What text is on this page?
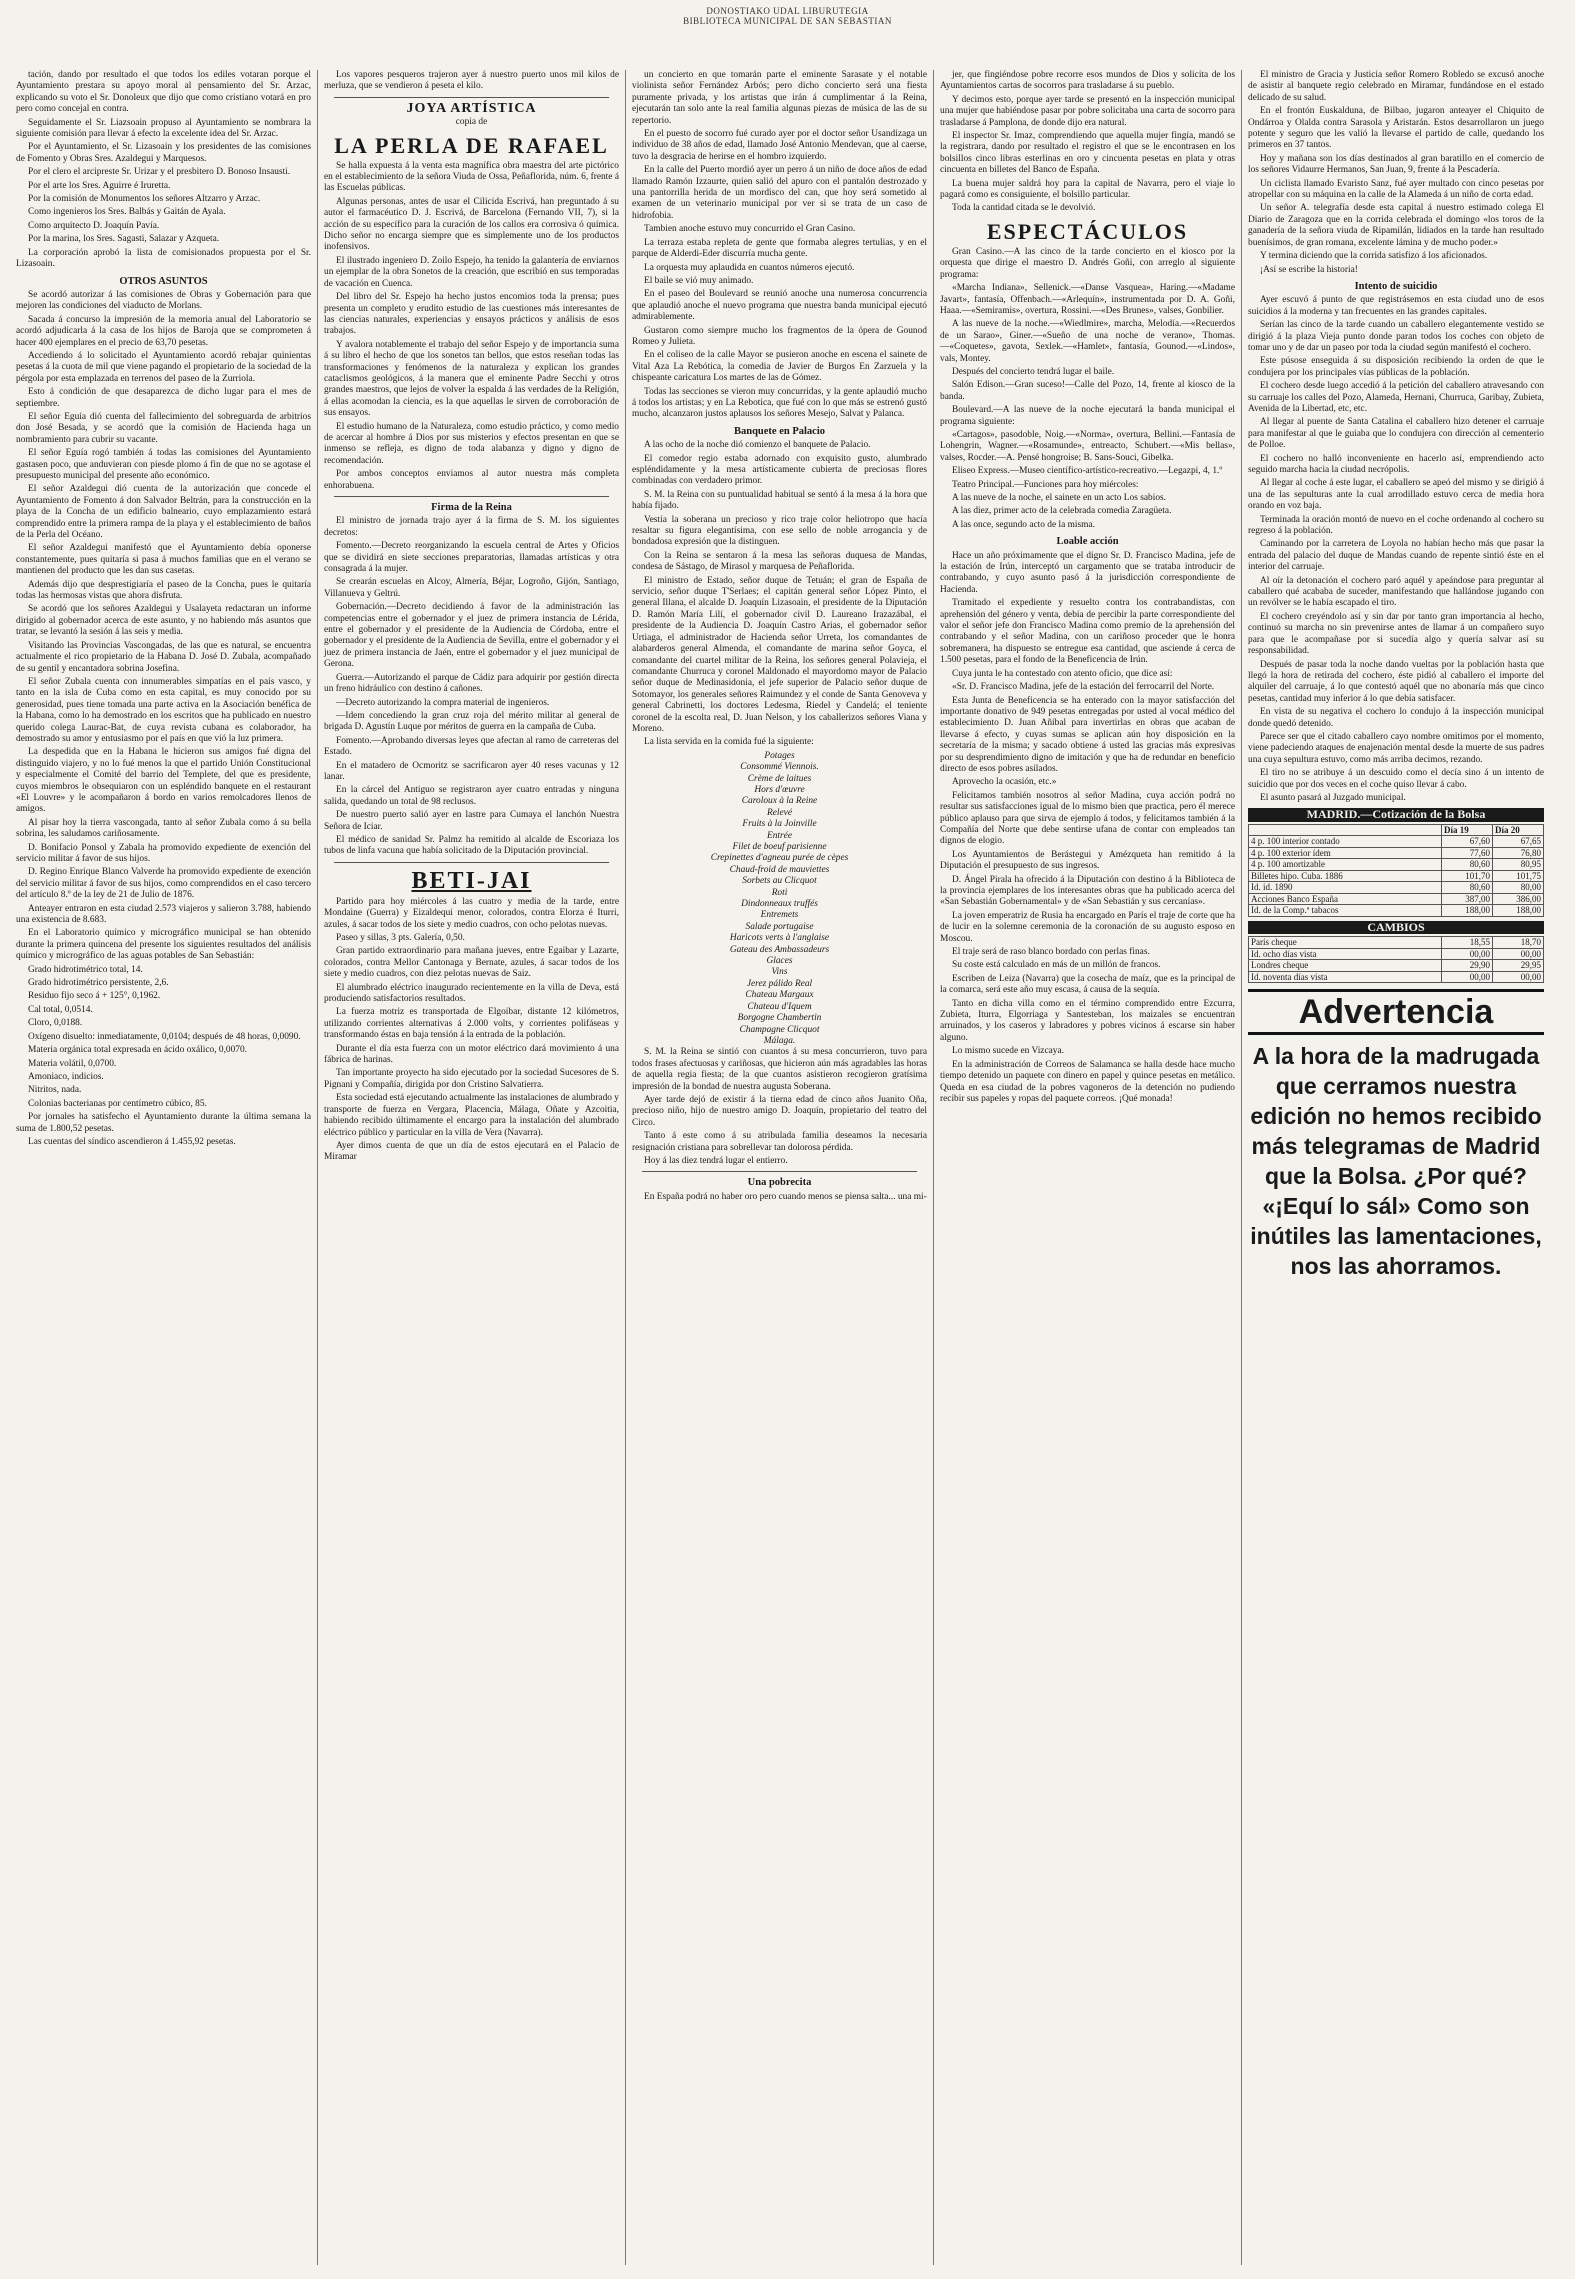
DONOSTIAKO UDAL LIBURUTEGIA
BIBLIOTECA MUNICIPAL DE SAN SEBASTIAN

tación, dando por resultado el que todos los ediles votaran porque el Ayuntamiento prestara su apoyo moral al pensamiento del Sr. Arzac, explicando su voto el Sr. Donoleux que dijo que como cristiano votará en pro pero como concejal en contra.

Seguidamente el Sr. Liazsoain propuso al Ayuntamiento se nombrara la siguiente comisión para llevar á efecto la excelente idea del Sr. Arzac.

Por el Ayuntamiento, el Sr. Lizasoain y los presidentes de las comisiones de Fomento y Obras Sres. Azaldegui y Marquesos.

Por el clero el arcipreste Sr. Urizar y el presbitero D. Bonoso Insausti.

Por el arte los Sres. Aguirre é Iruretta.

Por la comisión de Monumentos los señores Altzarro y Arzac.

Como ingenieros los Sres. Balbás y Gaitán de Ayala.

Como arquitecto D. Joaquín Pavía.

Por la marina, los Sres. Sagasti, Salazar y Azqueta.

La corporación aprobó la lista de comisionados propuesta por el Sr. Lizasoain.

OTROS ASUNTOS

Se acordó autorizar á las comisiones de Obras y Gobernación para que mejoren las condiciones del viaducto de Morlans.

Sacada á concurso la impresión de la memoria anual del Laboratorio se acordó adjudicarla á la casa de los hijos de Baroja que se comprometen á hacer 400 ejemplares en el precio de 63,70 pesetas.

Accediendo á lo solicitado el Ayuntamiento acordó rebajar quinientas pesetas á la cuota de mil que viene pagando el propietario de la sociedad de la pérgola por esta emplazada en terrenos del paseo de la Zurriola.

Esto á condición de que desaparezca de dicho lugar para el mes de septiembre.

El señor Eguía dió cuenta del fallecimiento del sobreguarda de arbitrios don José Besada, y se acordó que la comisión de Hacienda haga un nombramiento para cubrir su vacante.

El señor Eguía rogó también á todas las comisiones del Ayuntamiento gastasen poco, que anduvieran con piesde plomo á fin de que no se agotase el presupuesto municipal del presente año económico.

El señor Azaldegui dió cuenta de la autorización que concede el Ayuntamiento de Fomento á don Salvador Beltrán, para la construcción en la playa de la Concha de un edificio balneario, cuyo emplazamiento estará comprendido entre la primera rampa de la playa y el establecimiento de baños de la Perla del Océano.

El señor Azaldegui manifestó que el Ayuntamiento debía oponerse constantemente, pues quitaría si pasa á muchos familias que en el verano se mantienen del producto que les dan sus casetas.

Además dijo que desprestigiaría el paseo de la Concha, pues le quitaría todas las hermosas vistas que ahora disfruta.

Se acordó que los señores Azaldegui y Usalayeta redactaran un informe dirigido al gobernador acerca de este asunto, y no habiendo más asuntos que tratar, se levantó la sesión á las seis y media.

Visitando las Provincias Vascongadas, de las que es natural, se encuentra actualmente el rico propietario de la Habana D. José D. Zubala, acompañado de su gentil y encantadora sobrina Josefina.

El señor Zubala cuenta con innumerables simpatías en el país vasco, y tanto en la isla de Cuba como en esta capital, es muy conocido por su generosidad, pues tiene tomada una parte activa en la Asociación benéfica de la Habana, como lo ha demostrado en los escritos que ha publicado en nuestro querido colega Laurac-Bat, de cuya revista cubana es colaborador, ha demostrado su amor y entusiasmo por el país en que vió la luz primera.

La despedida que en la Habana le hicieron sus amigos fué digna del distinguido viajero, y no lo fué menos la que el partido Unión Constitucional y especialmente el Comité del barrio del Templete, del que es presidente, cuyos miembros le obsequiaron con un espléndido banquete en el restaurant «El Louvre» y le acompañaron á bordo en varios remolcadores llenos de amigos.

Al pisar hoy la tierra vascongada, tanto al señor Zubala como á su bella sobrina, les saludamos cariñosamente.

D. Bonifacio Ponsol y Zabala ha promovido expediente de exención del servicio militar á favor de sus hijos.

D. Regino Enrique Blanco Valverde ha promovido expediente de exención del servicio militar á favor de sus hijos, como comprendidos en el caso tercero del artículo 8.º de la ley de 21 de Julio de 1876.

Anteayer entraron en esta ciudad 2.573 viajeros y salieron 3.788, habiendo una existencia de 8.683.

En el Laboratorio químico y micrográfico municipal se han obtenido durante la primera quincena del presente los siguientes resultados del análisis químico y micrográfico de las aguas potables de San Sebastián:

Grado hidrotimétrico total, 14.

Grado hidrotimétrico persistente, 2,6.

Residuo fijo seco á + 125°, 0,1962.

Cal total, 0,0514.

Cloro, 0,0188.

Oxígeno disuelto: inmediatamente, 0,0104; después de 48 horas, 0,0090.

Materia orgánica total expresada en ácido oxálico, 0,0070.

Materia volátil, 0,0700.

Amoniaco, indicios.

Nitritos, nada.

Colonias bacterianas por centímetro cúbico, 85.

Por jornales ha satisfecho el Ayuntamiento durante la última semana la suma de 1.800,52 pesetas.

Las cuentas del síndico ascendieron á 1.455,92 pesetas.

Los vapores pesqueros trajeron ayer á nuestro puerto unos mil kilos de merluza, que se vendieron á peseta el kilo.

JOYA ARTÍSTICA

copia de

LA PERLA DE RAFAEL

Se halla expuesta á la venta esta magnífica obra maestra del arte pictórico en el establecimiento de la señora Viuda de Ossa, Peñaflorida, núm. 6, frente á las Escuelas públicas.

Algunas personas, antes de usar el Cilicida Escrivá, han preguntado á su autor el farmacéutico D. J. Escrivá, de Barcelona (Fernando VII, 7), si la acción de su específico para la curación de los callos era corrosiva ó química. Dicho señor no encarga siempre que es simplemente uno de los productos inofensivos.

El ilustrado ingeniero D. Zoilo Espejo, ha tenido la galantería de enviarnos un ejemplar de la obra Sonetos de la creación, que escribió en sus temporadas de vacación en Cuenca.

Del libro del Sr. Espejo ha hecho justos encomios toda la prensa; pues presenta un completo y erudito estudio de las cuestiones más interesantes de las ciencias naturales, experiencias y ensayos prácticos y análisis de esos trabajos.

Y avalora notablemente el trabajo del señor Espejo y de importancia suma á su libro el hecho de que los sonetos tan bellos, que estos reseñan todas las transformaciones y fenómenos de la naturaleza y explican los grandes cataclismos geológicos, á la manera que el eminente Padre Secchi y otros grandes maestros, que lejos de volver la espalda á las verdades de la Religión, á ellas acomodan la ciencia, es la que aquellas le sirven de corroboración de sus ensayos.

El estudio humano de la Naturaleza, como estudio práctico, y como medio de acercar al hombre á Dios por sus misterios y efectos presentan en que se inmenso se refleja, es digno de toda alabanza y digno y digno de recomendación.

Por ambos conceptos enviamos al autor nuestra más completa enhorabuena.

Firma de la Reina

El ministro de jornada trajo ayer á la firma de S. M. los siguientes decretos:

Fomento.—Decreto reorganizando la escuela central de Artes y Oficios que se dividirá en siete secciones preparatorias, llamadas artísticas y otra consagrada á la mujer.

Se crearán escuelas en Alcoy, Almería, Béjar, Logroño, Gijón, Santiago, Villanueva y Geltrú.

Gobernación.—Decreto decidiendo á favor de la administración las competencias entre el gobernador y el juez de primera instancia de Lérida, entre el gobernador y el presidente de la Audiencia de Córdoba, entre el gobernador y el presidente de la Audiencia de Sevilla, entre el gobernador y el juez de primera instancia de Jaén, entre el gobernador y el juez municipal de Gerona.

Guerra.—Autorizando el parque de Cádiz para adquirir por gestión directa un freno hidráulico con destino á cañones.

—Decreto autorizando la compra material de ingenieros.

—Idem concediendo la gran cruz roja del mérito militar al general de brigada D. Agustín Luque por méritos de guerra en la campaña de Cuba.

Fomento.—Aprobando diversas leyes que afectan al ramo de carreteras del Estado.

En el matadero de Ocmoritz se sacrificaron ayer 40 reses vacunas y 12 lanar.

En la cárcel del Antiguo se registraron ayer cuatro entradas y ninguna salida, quedando un total de 98 reclusos.

De nuestro puerto salió ayer en lastre para Cumaya el lanchón Nuestra Señora de Iciar.

El médico de sanidad Sr. Palmz ha remitido al alcalde de Escoriaza los tubos de linfa vacuna que había solicitado de la Diputación provincial.

BETI-JAI

Partido para hoy miércoles á las cuatro y media de la tarde, entre Mondaine (Guerra) y Eizaldequi menor, colorados, contra Elorza é Iturri, azules, á sacar todos de los siete y medio cuadros, con ocho pelotas nuevas.

Paseo y sillas, 3 pts. Galería, 0,50.

Gran partido extraordinario para mañana jueves, entre Egaibar y Lazarte, colorados, contra Mellor Cantonaga y Bernate, azules, á sacar todos de los siete y medio cuadros, con diez pelotas nuevas de Saiz.

El alumbrado eléctrico inaugurado recientemente en la villa de Deva, está produciendo satisfactorios resultados.

La fuerza motriz es transportada de Elgoibar, distante 12 kilómetros, utilizando corrientes alternativas á 2.000 volts, y corrientes polifáseas y transformando éstas en baja tensión á la entrada de la población.

Durante el día esta fuerza con un motor eléctrico dará movimiento á una fábrica de harinas.

Tan importante proyecto ha sido ejecutado por la sociedad Sucesores de S. Pignani y Compañía, dirigida por don Cristino Salvatierra.

Esta sociedad está ejecutando actualmente las instalaciones de alumbrado y transporte de fuerza en Vergara, Placencia, Málaga, Oñate y Azcoitia, habiendo recibido últimamente el encargo para la instalación del alumbrado eléctrico público y particular en la villa de Vera (Navarra).

Ayer dimos cuenta de que un día de estos ejecutará en el Palacio de Miramar

un concierto en que tomarán parte el eminente Sarasate y el notable violinista señor Fernández Arbós; pero dicho concierto será una fiesta puramente privada, y los artistas que irán á cumplimentar á la Reina, ejecutarán tan solo ante la real familia algunas piezas de música de las de su repertorio.

En el puesto de socorro fué curado ayer por el doctor señor Usandizaga un individuo de 38 años de edad, llamado José Antonio Mendevan, que al caerse, tuvo la desgracia de herirse en el hombro izquierdo.

En la calle del Puerto mordió ayer un perro á un niño de doce años de edad llamado Ramón Izzaurte, quien salió del apuro con el pantalón destrozado y una pantorrilla herida de un mordisco del can, que hoy será sometido al examen de un veterinario municipal por ver si se trata de un caso de hidrofobia.

Tambien anoche estuvo muy concurrido el Gran Casino.

La terraza estaba repleta de gente que formaba alegres tertulias, y en el parque de Alderdi-Eder discurría mucha gente.

La orquesta muy aplaudida en cuantos números ejecutó.

El baile se vió muy animado.

En el paseo del Boulevard se reunió anoche una numerosa concurrencia que aplaudió anoche el nuevo programa que nuestra banda municipal ejecutó admirablemente.

Gustaron como siempre mucho los fragmentos de la ópera de Gounod Romeo y Julieta.

En el coliseo de la calle Mayor se pusieron anoche en escena el sainete de Vital Aza La Rebótica, la comedia de Javier de Burgos En Zarzuela y la chispeante caricatura Los martes de las de Gómez.

Todas las secciones se vieron muy concurridas, y la gente aplaudió mucho á todos los artistas; y en La Rebotica, que fué con lo que más se estrenó gustó mucho, alcanzaron justos aplausos los señores Mesejo, Salvat y Palanca.

Banquete en Palacio

A las ocho de la noche dió comienzo el banquete de Palacio.

El comedor regio estaba adornado con exquisito gusto, alumbrado espléndidamente y la mesa artísticamente cubierta de preciosas flores combinadas con verdadero primor.

S. M. la Reina con su puntualidad habitual se sentó á la mesa á la hora que había fijado.

Vestía la soberana un precioso y rico traje color heliotropo que hacía resaltar su figura elegantísima, con ese sello de noble arrogancia y de bondadosa expresión que la distinguen.

Con la Reina se sentaron á la mesa las señoras duquesa de Mandas, condesa de Sástago, de Mirasol y marquesa de Peñaflorida.

El ministro de Estado, señor duque de Tetuán; el gran de España de servicio, señor duque T'Serlaes; el capitán general señor López Pinto, el general Illana, el alcalde D. Joaquín Lizasoain, el presidente de la Diputación D. Ramón María Lilí, el gobernador civil D. Laureano Irazazábal, el presidente de la Audiencia D. Joaquín Castro Arias, el gobernador señor Urtiaga, el administrador de Hacienda señor Urreta, los comandantes de alabarderos general Almenda, el comandante de marina señor Goyca, el comandante del cuartel militar de la Reina, los señores general Polavieja, el comandante Churruca y coronel Maldonado el mayordomo mayor de Palacio señor duque de Medinasidonia, el jefe superior de Palacio señor duque de Sotomayor, los generales señores Raimundez y el conde de Santa Genoveva y general Cabrinetti, los doctores Ledesma, Riedel y Candelá; el teniente coronel de la escolta real, D. Juan Nelson, y los caballerizos señores Viana y Moreno.

La lista servida en la comida fué la siguiente:

Potages

Consommé Viennois.

Crème de laitues

Hors d'œuvre

Caroloux à la Reine

Relevé

Fruits à la Joinville

Entrée

Filet de boeuf parisienne

Crepinettes d'agneau purée de cèpes

Chaud-froid de mauviettes

Sorbets au Clicquot

Roti

Dindonneaux truffés

Entremets

Salade portugaise

Haricots verts à l'anglaise

Gateau des Ambassadeurs

Glaces

Vins

Jerez pálido Real

Chateau Margaux

Chateau d'Iquem

Borgogne Chambertin

Champagne Clicquot

Málaga.

S. M. la Reina se sintió con cuantos á su mesa concurrieron, tuvo para todos frases afectuosas y cariñosas, que hicieron aún más agradables las horas de aquella regia fiesta; de la que cuantos asistieron recogieron gratísima impresión de la bondad de nuestra augusta Soberana.

Ayer tarde dejó de existir á la tierna edad de cinco años Juanito Oña, precioso niño, hijo de nuestro amigo D. Joaquín, propietario del teatro del Circo.

Tanto á este como á su atribulada familia deseamos la necesaria resignación cristiana para sobrellevar tan dolorosa pérdida.

Hoy á las diez tendrá lugar el entierro.

Una pobrecita

En España podrá no haber oro pero cuando menos se piensa salta... una mi-

jer, que fingiéndose pobre recorre esos mundos de Dios y solicita de los Ayuntamientos cartas de socorros para trasladarse á su pueblo.

Y decimos esto, porque ayer tarde se presentó en la inspección municipal una mujer que habiéndose pasar por pobre solicitaba una carta de socorro para trasladarse á Pamplona, de donde dijo era natural.

El inspector Sr. Imaz, comprendiendo que aquella mujer fingía, mandó se la registrara, dando por resultado el registro el que se le encontrasen en los bolsillos cinco libras esterlinas en oro y cincuenta pesetas en plata y otras cincuenta en billetes del Banco de España.

La buena mujer saldrá hoy para la capital de Navarra, pero el viaje lo pagará como es consiguiente, el bolsillo particular.

Toda la cantidad citada se le devolvió.

ESPECTÁCULOS

Gran Casino.—A las cinco de la tarde concierto en el kiosco por la orquesta que dirige el maestro D. Andrés Goñi, con arreglo al siguiente programa:

«Marcha Indiana», Sellenick.—«Danse Vasquea», Haring.—«Madame Javart», fantasía, Offenbach.—«Arlequín», instrumentada por D. A. Goñi, Haaa.—«Semiramis», overtura, Rossini.—«Des Brunes», valses, Gonbilier.

A las nueve de la noche.—«Wiedlmire», marcha, Melodía.—«Recuerdos de un Sarao», Giner.—«Sueño de una noche de verano», Thomas.—«Coquetes», gavota, Sexlek.—«Hamlet», fantasía, Gounod.—«Lindos», vals, Montey.

Después del concierto tendrá lugar el baile.

Salón Edison.—Gran suceso!—Calle del Pozo, 14, frente al kiosco de la banda.

Boulevard.—A las nueve de la noche ejecutará la banda municipal el programa siguiente:

«Cartagos», pasodoble, Noig.—«Norma», overtura, Bellini.—Fantasía de Lohengrin, Wagner.—«Rosamunde», entreacto, Schubert.—«Mis bellas», valses, Rocder.—A. Pensé hongroise; B. Sans-Souci, Gibelka.

Eliseo Express.—Museo científico-artístico-recreativo.—Legazpi, 4, 1.º

Teatro Principal.—Funciones para hoy miércoles:

A las nueve de la noche, el sainete en un acto Los sabios.

A las diez, primer acto de la celebrada comedia Zaragüeta.

A las once, segundo acto de la misma.

Loable acción

Hace un año próximamente que el digno Sr. D. Francisco Madina, jefe de la estación de Irún, interceptó un cargamento que se trataba introducir de contrabando, y cuyo asunto pasó á la jurisdicción correspondiente de Hacienda.

Tramitado el expediente y resuelto contra los contrabandistas, con aprehensión del género y venta, debía de percibir la parte correspondiente del valor el señor jefe don Francisco Madina como premio de la aprehensión del contrabando y el señor Madina, con un cariñoso proceder que le honra sobremanera, ha dispuesto se entregue esa cantidad, que asciende á cerca de 1.500 pesetas, para el fondo de la Beneficencia de Irún.

Cuya junta le ha contestado con atento oficio, que dice así:

«Sr. D. Francisco Madina, jefe de la estación del ferrocarril del Norte.

Esta Junta de Beneficencia se ha enterado con la mayor satisfacción del importante donativo de 949 pesetas entregadas por usted al vocal médico del establecimiento D. Juan Añíbal para invertirlas en obras que acaban de llevarse á efecto, y cuyas sumas se aplican aún hoy disposición en la secretaría de la misma; y sacado obtiene á usted las gracias más expresivas por su desprendimiento digno de imitación y que ha de redundar en beneficio directo de esos pobres asilados.

Aprovecho la ocasión, etc.»

Felicitamos también nosotros al señor Madina, cuya acción podrá no resultar sus satisfacciones igual de lo mismo bien que practica, pero él merece público aplauso para que sirva de ejemplo á todos, y felicitamos también á la Compañía del Norte que debe sentirse ufana de contar con empleados tan dignos de elogio.

Los Ayuntamientos de Berástegui y Amézqueta han remitido á la Diputación el presupuesto de sus ingresos.

D. Ángel Pirala ha ofrecido á la Diputación con destino á la Biblioteca de la provincia ejemplares de los interesantes obras que ha publicado acerca del «San Sebastián Gobernamental» y de «San Sebastián y sus cercanías».

La joven emperatriz de Rusia ha encargado en París el traje de corte que ha de lucir en la solemne ceremonia de la coronación de su augusto esposo en Moscou.

El traje será de raso blanco bordado con perlas finas.

Su coste está calculado en más de un millón de francos.

Escriben de Leiza (Navarra) que la cosecha de maíz, que es la principal de la comarca, será este año muy escasa, á causa de la sequía.

Tanto en dicha villa como en el término comprendido entre Ezcurra, Zubieta, Iturra, Elgorriaga y Santesteban, los maizales se encuentran arruinados, y los caseros y labradores y pobres vicinos á escarse sin haber alguno.

Lo mismo sucede en Vizcaya.

En la administración de Correos de Salamanca se halla desde hace mucho tiempo detenido un paquete con dinero en papel y quince pesetas en metálico. Queda en esa ciudad de la pobres vagoneros de la detención no pudiendo recibir sus papeles y ropas del paquete correos. ¡Qué monada!

El ministro de Gracia y Justicia señor Romero Robledo se excusó anoche de asistir al banquete regio celebrado en Miramar, fundándose en el estado delicado de su salud.

En el frontón Euskalduna, de Bilbao, jugaron anteayer el Chiquito de Ondárroa y Olalda contra Sarasola y Aristarán. Estos desarrollaron un juego potente y seguro que les valió la llevarse el partido de calle, quedando los primeros en 37 tantos.

Hoy y mañana son los días destinados al gran baratillo en el comercio de los señores Vidaurre Hermanos, San Juan, 9, frente á la Pescadería.

Un ciclista llamado Evaristo Sanz, fué ayer multado con cinco pesetas por atropellar con su máquina en la calle de la Alameda á un niño de corta edad.

Un señor A. telegrafía desde esta capital á nuestro estimado colega El Diario de Zaragoza que en la corrida celebrada el domingo «los toros de la ganadería de la señora viuda de Ripamilán, lidiados en la tarde han resultado buenísimos, de gran romana, excelente lámina y de mucho poder.»

Y termina diciendo que la corrida satisfizo á los aficionados.

¡Así se escribe la historia!

Intento de suicidio

Ayer escuvó á punto de que registrásemos en esta ciudad uno de esos suicidios á la moderna y tan frecuentes en las grandes capitales.

Serían las cinco de la tarde cuando un caballero elegantemente vestido se dirigió á la plaza Vieja punto donde paran todos los coches con objeto de tomar uno y de dar un paseo por toda la ciudad según manifestó el cochero.

Este púsose enseguida á su disposición recibiendo la orden de que le condujera por los principales vías públicas de la población.

El cochero desde luego accedió á la petición del caballero atravesando con su carruaje los calles del Pozo, Alameda, Hernani, Churruca, Garibay, Zubieta, Avenida de la Libertad, etc, etc.

Al llegar al puente de Santa Catalina el caballero hizo detener el carruaje para manifestar al que le guiaba que lo condujera con dirección al cementerio de Polloe.

El cochero no halló inconveniente en hacerlo así, emprendiendo acto seguido marcha hacia la ciudad necrópolis.

Al llegar al coche á este lugar, el caballero se apeó del mismo y se dirigió á una de las sepulturas ante la cual arrodillado estuvo cerca de media hora orando en voz baja.

Terminada la oración montó de nuevo en el coche ordenando al cochero su regreso á la población.

Caminando por la carretera de Loyola no habían hecho más que pasar la entrada del palacio del duque de Mandas cuando de repente sintió éste en el interior del carruaje.

Al oír la detonación el cochero paró aquél y apeándose para preguntar al caballero qué acababa de suceder, manifestando que hallándose jugando con un revólver se le había escapado el tiro.

El cochero creyéndolo así y sin dar por tanto gran importancia al hecho, continuó su marcha no sin prevenirse antes de llamar á un compañero suyo para que le acompañase por si sucedía algo y quería salvar así su responsabilidad.

Después de pasar toda la noche dando vueltas por la población hasta que llegó la hora de retirada del cochero, éste pidió al caballero el importe del alquiler del carruaje, á lo que contestó aquél que no abonaría más que cinco pesetas, cantidad muy inferior á lo que debía satisfacer.

En vista de su negativa el cochero lo condujo á la inspección municipal donde quedó detenido.

Parece ser que el citado caballero cayo nombre omitimos por el momento, viene padeciendo ataques de enajenación mental desde la muerte de sus padres una cuya sepultura estuvo, como más arriba decimos, rezando.

El tiro no se atribuye á un descuido como el decía sino á un intento de suicidio que por dos veces en el coche quiso llevar á cabo.

El asunto pasará al Juzgado municipal.

MADRID.—Cotización de la Bolsa
	Día 19	Día 20
4 p. 100 interior contado	67,60	67,65
4 p. 100 exterior ídem	77,60	76,80
4 p. 100 amortizable	80,60	80,95
Billetes hipo. Cuba. 1886	101,70	101,75
Id. id. 1890	80,60	80,00
Acciones Banco España	387,00	386,00
Id. de la Comp.ª tabacos	188,00	188,00
CAMBIOS
París cheque	18,55	18,70
Id. ocho días vista	00,00	00,00
Londres cheque	29,90	29,95
Id. noventa días vista	00,00	00,00
Advertencia
A la hora de la madrugada que cerramos nuestra edición no hemos recibido más telegramas de Madrid que la Bolsa. ¿Por qué? «¡Equí lo sál» Como son inútiles las lamentaciones, nos las ahorramos.
